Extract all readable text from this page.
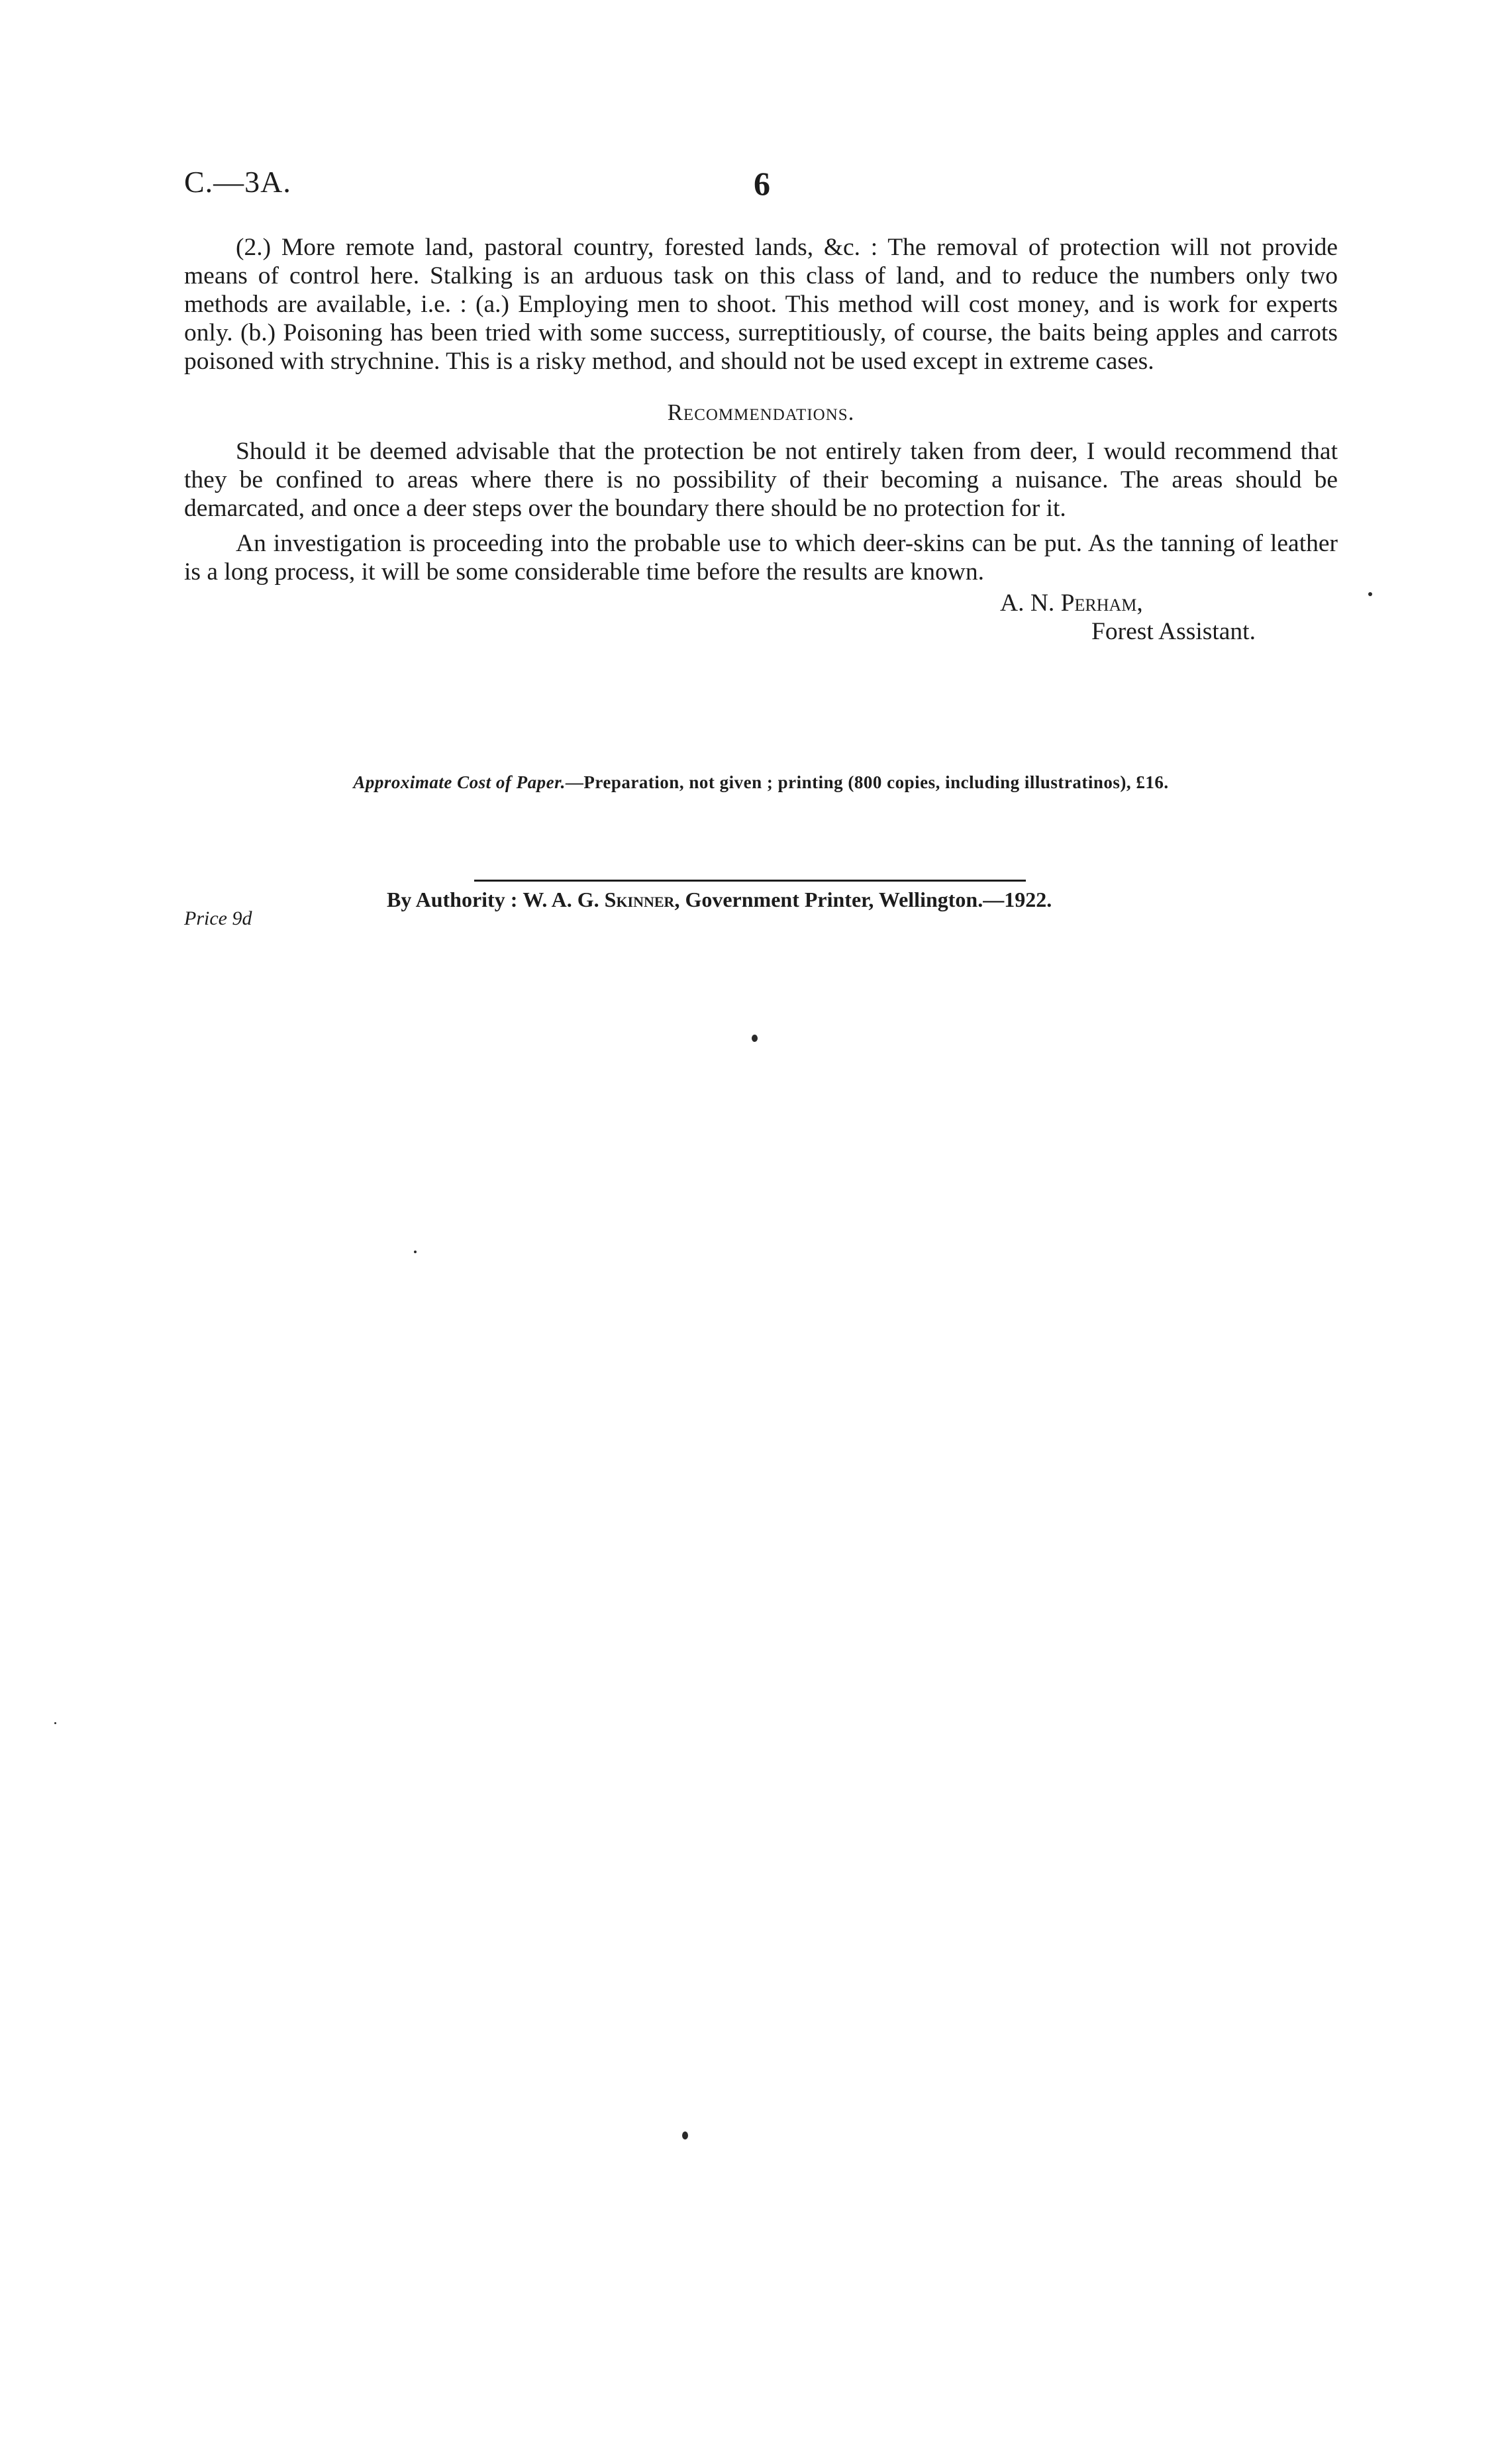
C.—3A.	6

(2.) More remote land, pastoral country, forested lands, &c. : The removal of protection will not provide means of control here. Stalking is an arduous task on this class of land, and to reduce the numbers only two methods are available, i.e. : (a.) Employing men to shoot. This method will cost money, and is work for experts only. (b.) Poisoning has been tried with some success, surreptitiously, of course, the baits being apples and carrots poisoned with strychnine. This is a risky method, and should not be used except in extreme cases.

Recommendations.

Should it be deemed advisable that the protection be not entirely taken from deer, I would recommend that they be confined to areas where there is no possibility of their becoming a nuisance. The areas should be demarcated, and once a deer steps over the boundary there should be no protection for it.

An investigation is proceeding into the probable use to which deer-skins can be put. As the tanning of leather is a long process, it will be some considerable time before the results are known.

A. N. Perham,
Forest Assistant.
Approximate Cost of Paper.—Preparation, not given ; printing (800 copies, including illustratinos), £16.
By Authority : W. A. G. Skinner, Government Printer, Wellington.—1922.
Price 9d
